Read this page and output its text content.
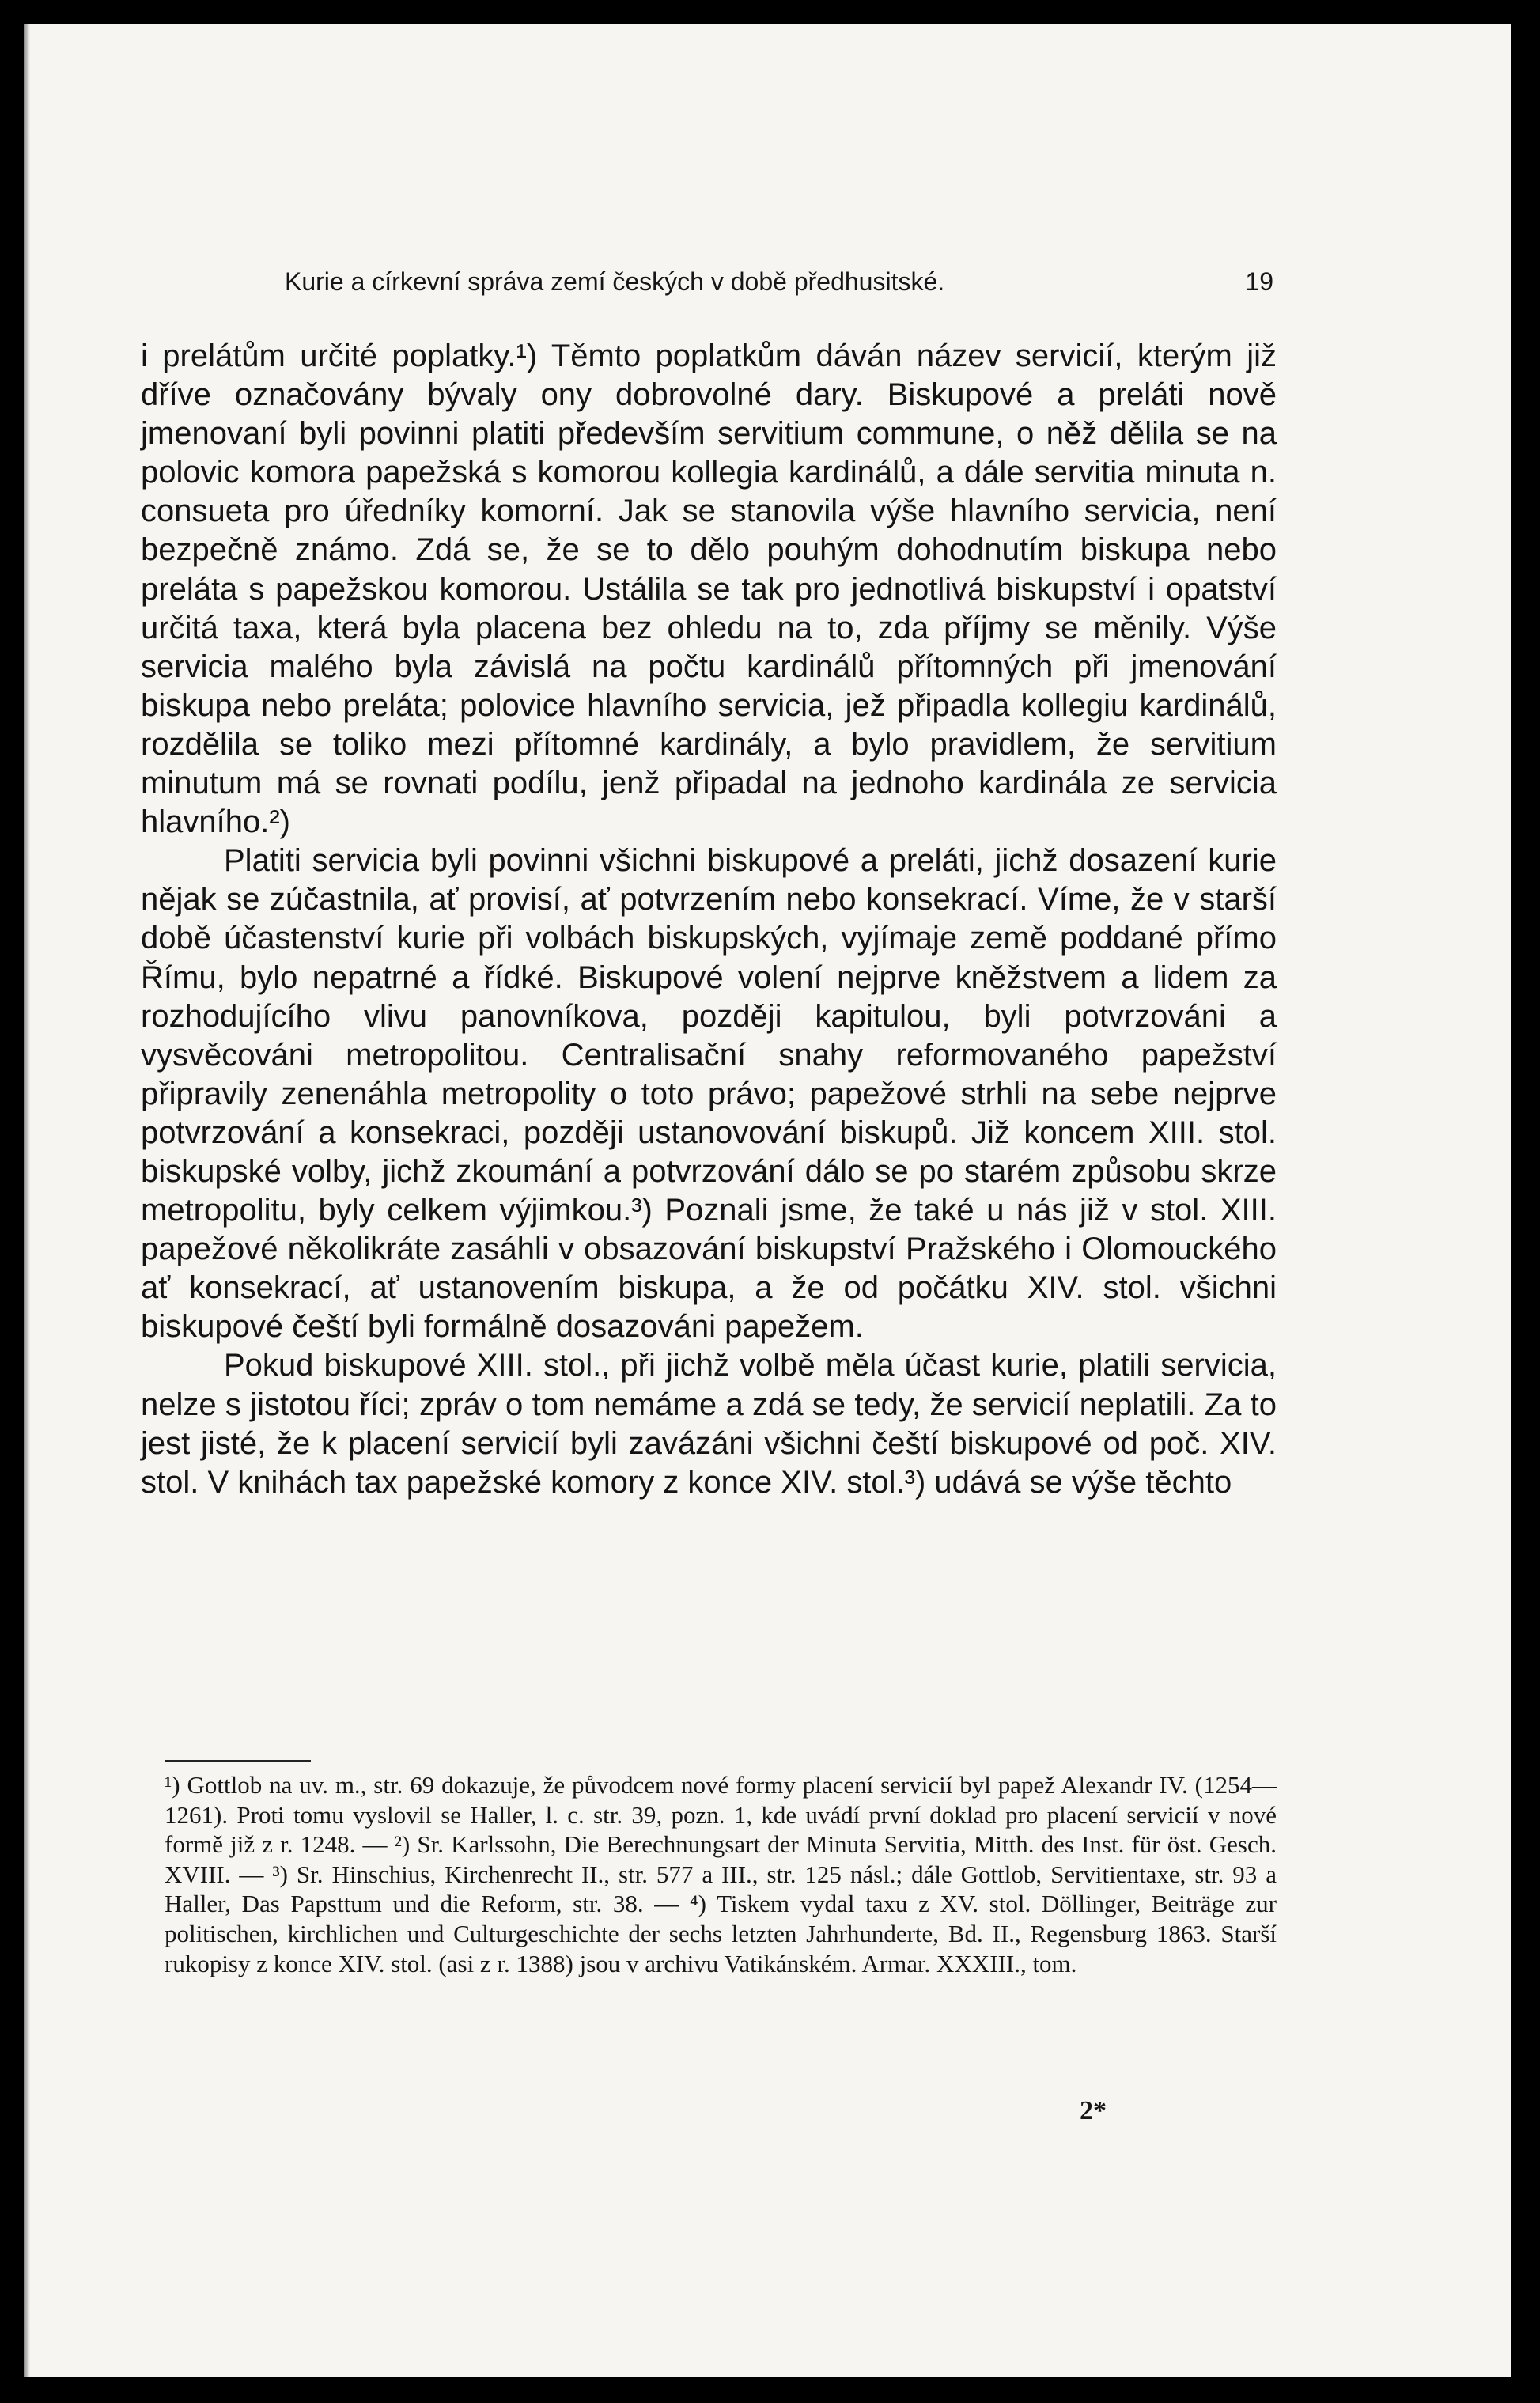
Kurie a církevní správa zemí českých v době předhusitské.	19

i prelátům určité poplatky.¹) Těmto poplatkům dáván název servicií, kterým již dříve označovány bývaly ony dobrovolné dary. Biskupové a preláti nově jmenovaní byli povinni platiti především servitium commune, o něž dělila se na polovic komora papežská s komorou kollegia kardinálů, a dále servitia minuta n. consueta pro úředníky komorní. Jak se stanovila výše hlavního servicia, není bezpečně známo. Zdá se, že se to dělo pouhým dohodnutím biskupa nebo preláta s papežskou komorou. Ustálila se tak pro jednotlivá biskupství i opatství určitá taxa, která byla placena bez ohledu na to, zda příjmy se měnily. Výše servicia malého byla závislá na počtu kardinálů přítomných při jmenování biskupa nebo preláta; polovice hlavního servicia, jež připadla kollegiu kardinálů, rozdělila se toliko mezi přítomné kardinály, a bylo pravidlem, že servitium minutum má se rovnati podílu, jenž připadal na jednoho kardinála ze servicia hlavního.²)

Platiti servicia byli povinni všichni biskupové a preláti, jichž dosazení kurie nějak se zúčastnila, ať provisí, ať potvrzením nebo konsekrací. Víme, že v starší době účastenství kurie při volbách biskupských, vyjímaje země poddané přímo Římu, bylo nepatrné a řídké. Biskupové volení nejprve kněžstvem a lidem za rozhodujícího vlivu panovníkova, později kapitulou, byli potvrzováni a vysvěcováni metropolitou. Centralisační snahy reformovaného papežství připravily zenenáhla metropolity o toto právo; papežové strhli na sebe nejprve potvrzování a konsekraci, později ustanovování biskupů. Již koncem XIII. stol. biskupské volby, jichž zkoumání a potvrzování dálo se po starém způsobu skrze metropolitu, byly celkem výjimkou.³) Poznali jsme, že také u nás již v stol. XIII. papežové několikráte zasáhli v obsazování biskupství Pražského i Olomouckého ať konsekrací, ať ustanovením biskupa, a že od počátku XIV. stol. všichni biskupové čeští byli formálně dosazováni papežem.

Pokud biskupové XIII. stol., při jichž volbě měla účast kurie, platili servicia, nelze s jistotou říci; zpráv o tom nemáme a zdá se tedy, že servicií neplatili. Za to jest jisté, že k placení servicií byli zavázáni všichni čeští biskupové od poč. XIV. stol. V knihách tax papežské komory z konce XIV. stol.³) udává se výše těchto

¹) Gottlob na uv. m., str. 69 dokazuje, že původcem nové formy placení servicií byl papež Alexandr IV. (1254—1261). Proti tomu vyslovil se Haller, l. c. str. 39, pozn. 1, kde uvádí první doklad pro placení servicií v nové formě již z r. 1248. — ²) Sr. Karlssohn, Die Berechnungsart der Minuta Servitia, Mitth. des Inst. für öst. Gesch. XVIII. — ³) Sr. Hinschius, Kirchenrecht II., str. 577 a III., str. 125 násl.; dále Gottlob, Servitientaxe, str. 93 a Haller, Das Papsttum und die Reform, str. 38. — ⁴) Tiskem vydal taxu z XV. stol. Döllinger, Beiträge zur politischen, kirchlichen und Culturgeschichte der sechs letzten Jahrhunderte, Bd. II., Regensburg 1863. Starší rukopisy z konce XIV. stol. (asi z r. 1388) jsou v archivu Vatikánském. Armar. XXXIII., tom.

2*
